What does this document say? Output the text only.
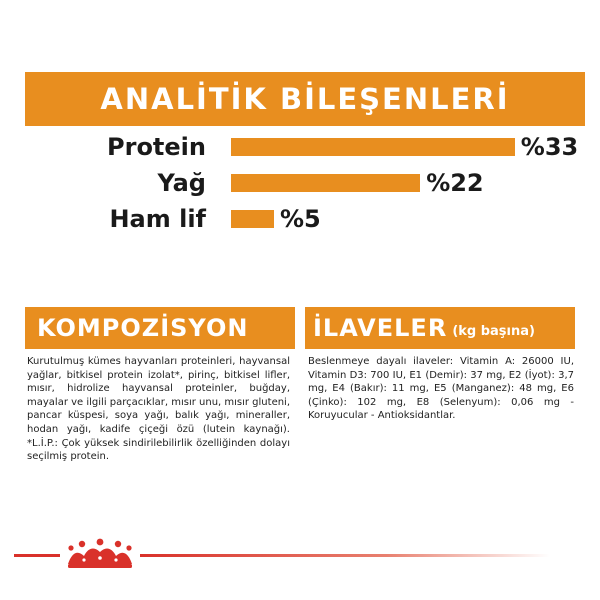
ANALİTİK BİLEŞENLERİ
Protein	%33
Yağ	%22
Ham lif	%5
KOMPOZİSYON	İLAVELER (kg başına)

Kurutulmuş kümes hayvanları proteinleri, hayvansal yağlar, bitkisel protein izolat*, pirinç, bitkisel lifler, mısır, hidrolize hayvansal proteinler, buğday, mayalar ve ilgili parçacıklar, mısır unu, mısır gluteni, pancar küspesi, soya yağı, balık yağı, mineraller, hodan yağı, kadife çiçeği özü (lutein kaynağı). *L.İ.P.: Çok yüksek sindirilebilirlik özelliğinden dolayı seçilmiş protein.

Beslenmeye dayalı ilaveler: Vitamin A: 26000 IU, Vitamin D3: 700 IU, E1 (Demir): 37 mg, E2 (İyot): 3,7 mg, E4 (Bakır): 11 mg, E5 (Manganez): 48 mg, E6 (Çinko): 102 mg, E8 (Selenyum): 0,06 mg - Koruyucular - Antioksidantlar.
